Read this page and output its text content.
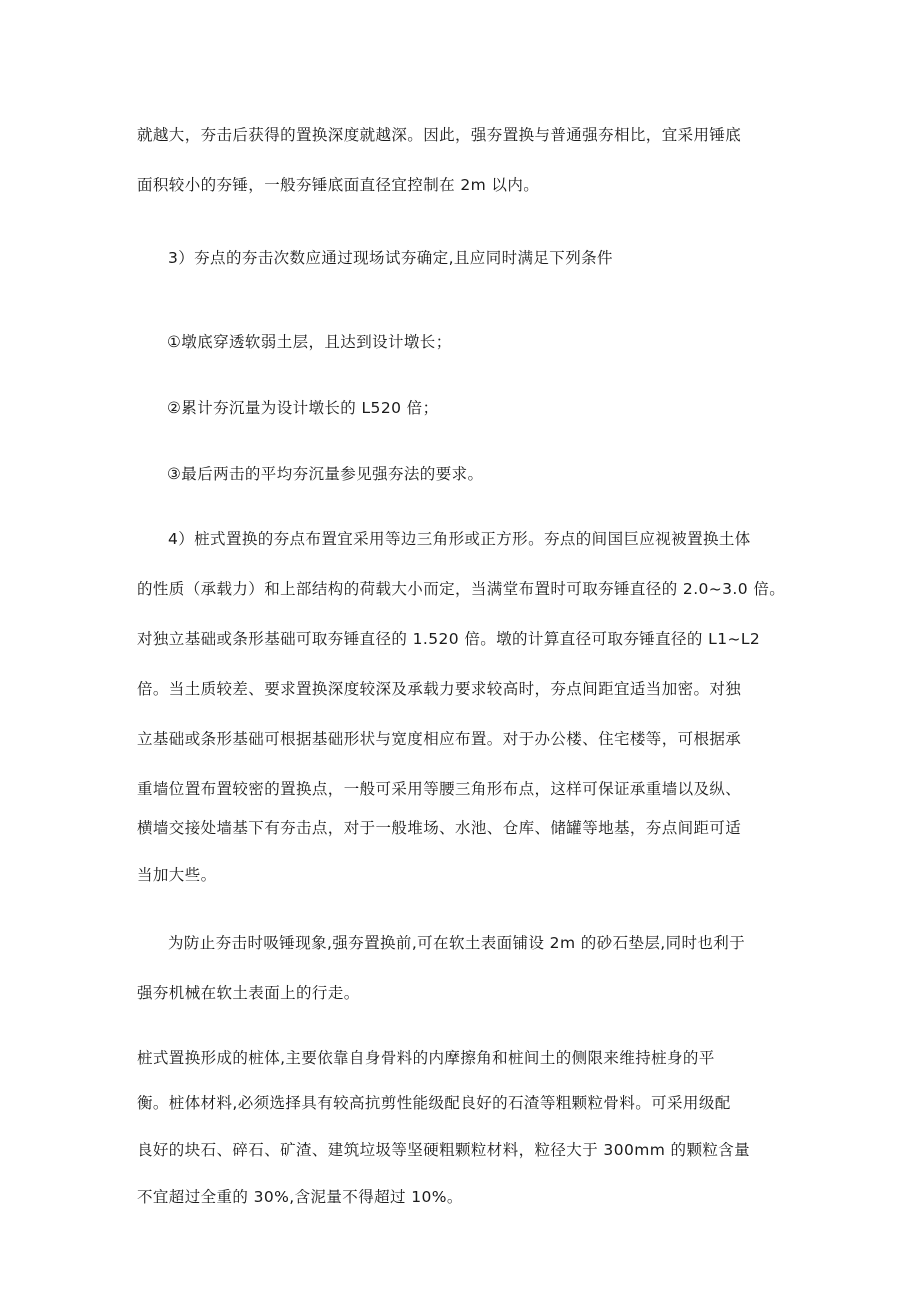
就越大，夯击后获得的置换深度就越深。因此，强夯置换与普通强夯相比，宜采用锤底
面积较小的夯锤，一般夯锤底面直径宜控制在 2m 以内。
3）夯点的夯击次数应通过现场试夯确定,且应同时满足下列条件
①墩底穿透软弱土层，且达到设计墩长；
②累计夯沉量为设计墩长的 L520 倍；
③最后两击的平均夯沉量参见强夯法的要求。
4）桩式置换的夯点布置宜采用等边三角形或正方形。夯点的间国巨应视被置换土体
的性质（承载力）和上部结构的荷载大小而定，当满堂布置时可取夯锤直径的 2.0~3.0 倍。
对独立基础或条形基础可取夯锤直径的 1.520 倍。墩的计算直径可取夯锤直径的 L1~L2
倍。当土质较差、要求置换深度较深及承载力要求较高时，夯点间距宜适当加密。对独
立基础或条形基础可根据基础形状与宽度相应布置。对于办公楼、住宅楼等，可根据承
重墙位置布置较密的置换点，一般可采用等腰三角形布点，这样可保证承重墙以及纵、
横墙交接处墙基下有夯击点，对于一般堆场、水池、仓库、储罐等地基，夯点间距可适
当加大些。
为防止夯击时吸锤现象,强夯置换前,可在软土表面铺设 2m 的砂石垫层,同时也利于
强夯机械在软土表面上的行走。
桩式置换形成的桩体,主要依靠自身骨料的内摩擦角和桩间土的侧限来维持桩身的平
衡。桩体材料,必须选择具有较高抗剪性能级配良好的石渣等粗颗粒骨料。可采用级配
良好的块石、碎石、矿渣、建筑垃圾等坚硬粗颗粒材料，粒径大于 300mm 的颗粒含量
不宜超过全重的 30%,含泥量不得超过 10%。
